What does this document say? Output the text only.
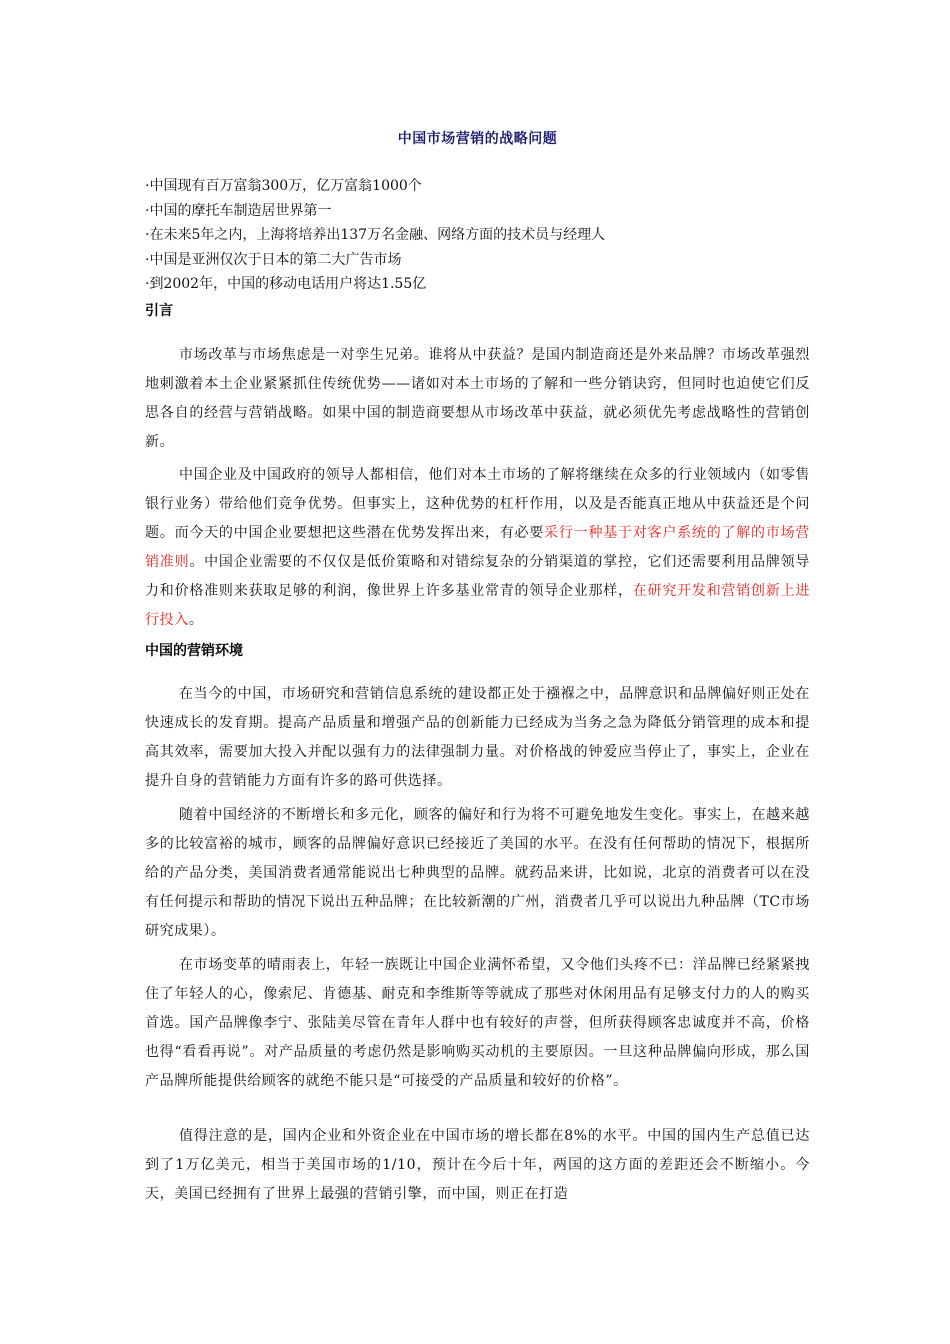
中国市场营销的战略问题
·中国现有百万富翁300万，亿万富翁1000个
·中国的摩托车制造居世界第一
·在未来5年之内，上海将培养出137万名金融、网络方面的技术员与经理人
·中国是亚洲仅次于日本的第二大广告市场
·到2002年，中国的移动电话用户将达1.55亿
引言

市场改革与市场焦虑是一对孪生兄弟。谁将从中获益？是国内制造商还是外来品牌？市场改革强烈地刺激着本土企业紧紧抓住传统优势——诸如对本土市场的了解和一些分销诀窍，但同时也迫使它们反思各自的经营与营销战略。如果中国的制造商要想从市场改革中获益，就必须优先考虑战略性的营销创新。

中国企业及中国政府的领导人都相信，他们对本土市场的了解将继续在众多的行业领域内（如零售银行业务）带给他们竞争优势。但事实上，这种优势的杠杆作用，以及是否能真正地从中获益还是个问题。而今天的中国企业要想把这些潜在优势发挥出来，有必要采行一种基于对客户系统的了解的市场营销准则。中国企业需要的不仅仅是低价策略和对错综复杂的分销渠道的掌控，它们还需要利用品牌领导力和价格准则来获取足够的利润，像世界上许多基业常青的领导企业那样，在研究开发和营销创新上进行投入。

中国的营销环境

在当今的中国，市场研究和营销信息系统的建设都正处于襁褓之中，品牌意识和品牌偏好则正处在快速成长的发育期。提高产品质量和增强产品的创新能力已经成为当务之急为降低分销管理的成本和提高其效率，需要加大投入并配以强有力的法律强制力量。对价格战的钟爱应当停止了，事实上，企业在提升自身的营销能力方面有许多的路可供选择。

随着中国经济的不断增长和多元化，顾客的偏好和行为将不可避免地发生变化。事实上，在越来越多的比较富裕的城市，顾客的品牌偏好意识已经接近了美国的水平。在没有任何帮助的情况下，根据所给的产品分类，美国消费者通常能说出七种典型的品牌。就药品来讲，比如说，北京的消费者可以在没有任何提示和帮助的情况下说出五种品牌；在比较新潮的广州，消费者几乎可以说出九种品牌（TC市场研究成果）。

在市场变革的晴雨表上，年轻一族既让中国企业满怀希望，又令他们头疼不已：洋品牌已经紧紧拽住了年轻人的心，像索尼、肯德基、耐克和李维斯等等就成了那些对休闲用品有足够支付力的人的购买首选。国产品牌像李宁、张陆美尽管在青年人群中也有较好的声誉，但所获得顾客忠诚度并不高，价格也得“看看再说”。对产品质量的考虑仍然是影响购买动机的主要原因。一旦这种品牌偏向形成，那么国产品牌所能提供给顾客的就绝不能只是“可接受的产品质量和较好的价格”。

值得注意的是，国内企业和外资企业在中国市场的增长都在8%的水平。中国的国内生产总值已达到了1万亿美元，相当于美国市场的1/10，预计在今后十年，两国的这方面的差距还会不断缩小。今天，美国已经拥有了世界上最强的营销引擎，而中国，则正在打造
